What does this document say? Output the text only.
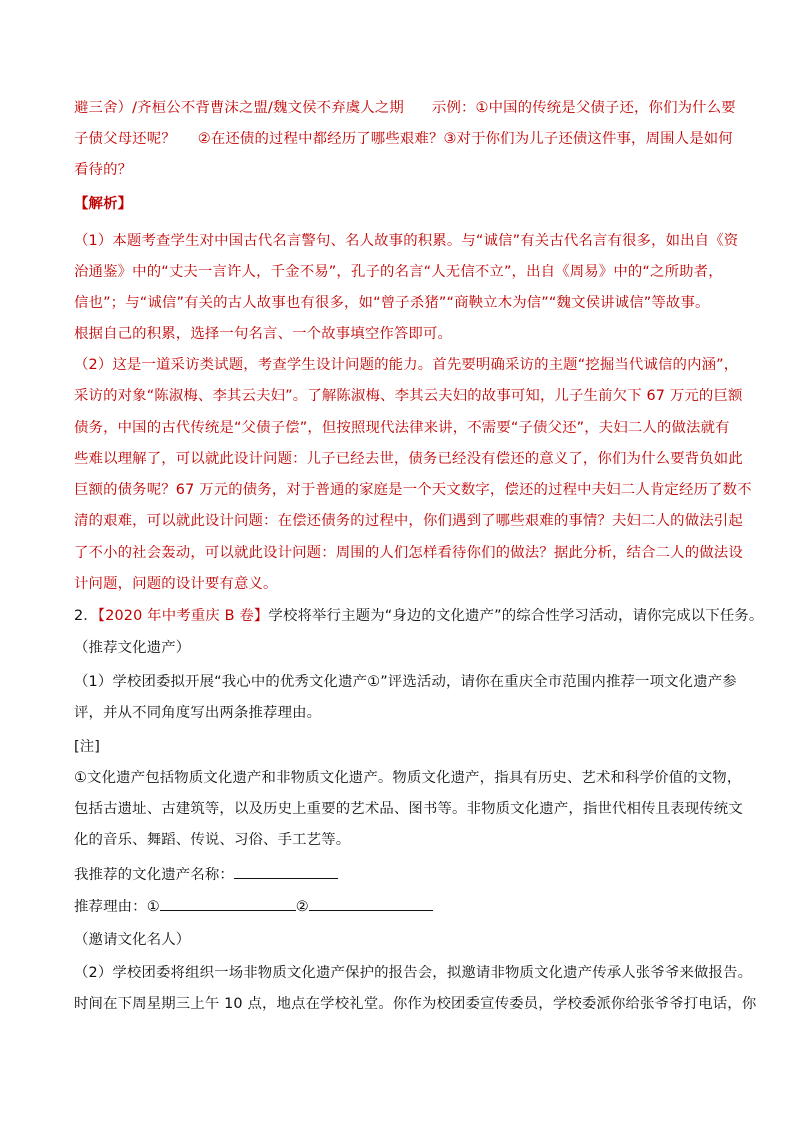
避三舍）/齐桓公不背曹沫之盟/魏文侯不弃虞人之期 示例：①中国的传统是父债子还，你们为什么要
子债父母还呢？ ②在还债的过程中都经历了哪些艰难？③对于你们为儿子还债这件事，周围人是如何
看待的？
【解析】
（1）本题考查学生对中国古代名言警句、名人故事的积累。与“诚信”有关古代名言有很多，如出自《资
治通鉴》中的“丈夫一言许人，千金不易”，孔子的名言“人无信不立”，出自《周易》中的“之所助者，
信也”；与“诚信”有关的古人故事也有很多，如“曾子杀猪”“商鞅立木为信”“魏文侯讲诚信”等故事。
根据自己的积累，选择一句名言、一个故事填空作答即可。
（2）这是一道采访类试题，考查学生设计问题的能力。首先要明确采访的主题“挖掘当代诚信的内涵”，
采访的对象“陈淑梅、李其云夫妇”。了解陈淑梅、李其云夫妇的故事可知，儿子生前欠下 67 万元的巨额
债务，中国的古代传统是“父债子偿”，但按照现代法律来讲，不需要“子债父还”，夫妇二人的做法就有
些难以理解了，可以就此设计问题：儿子已经去世，债务已经没有偿还的意义了，你们为什么要背负如此
巨额的债务呢？67 万元的债务，对于普通的家庭是一个天文数字，偿还的过程中夫妇二人肯定经历了数不
清的艰难，可以就此设计问题：在偿还债务的过程中，你们遇到了哪些艰难的事情？夫妇二人的做法引起
了不小的社会轰动，可以就此设计问题：周围的人们怎样看待你们的做法？据此分析，结合二人的做法设
计问题，问题的设计要有意义。
2．【2020 年中考重庆 B 卷】学校将举行主题为“身边的文化遗产”的综合性学习活动，请你完成以下任务。
（推荐文化遗产）
（1）学校团委拟开展“我心中的优秀文化遗产①”评选活动，请你在重庆全市范围内推荐一项文化遗产参
评，并从不同角度写出两条推荐理由。
[注]
①文化遗产包括物质文化遗产和非物质文化遗产。物质文化遗产，指具有历史、艺术和科学价值的文物，
包括古遗址、古建筑等，以及历史上重要的艺术品、图书等。非物质文化遗产，指世代相传且表现传统文
化的音乐、舞蹈、传说、习俗、手工艺等。
我推荐的文化遗产名称：
推荐理由：①	②
（邀请文化名人）
（2）学校团委将组织一场非物质文化遗产保护的报告会，拟邀请非物质文化遗产传承人张爷爷来做报告。
时间在下周星期三上午 10 点，地点在学校礼堂。你作为校团委宣传委员，学校委派你给张爷爷打电话，你
